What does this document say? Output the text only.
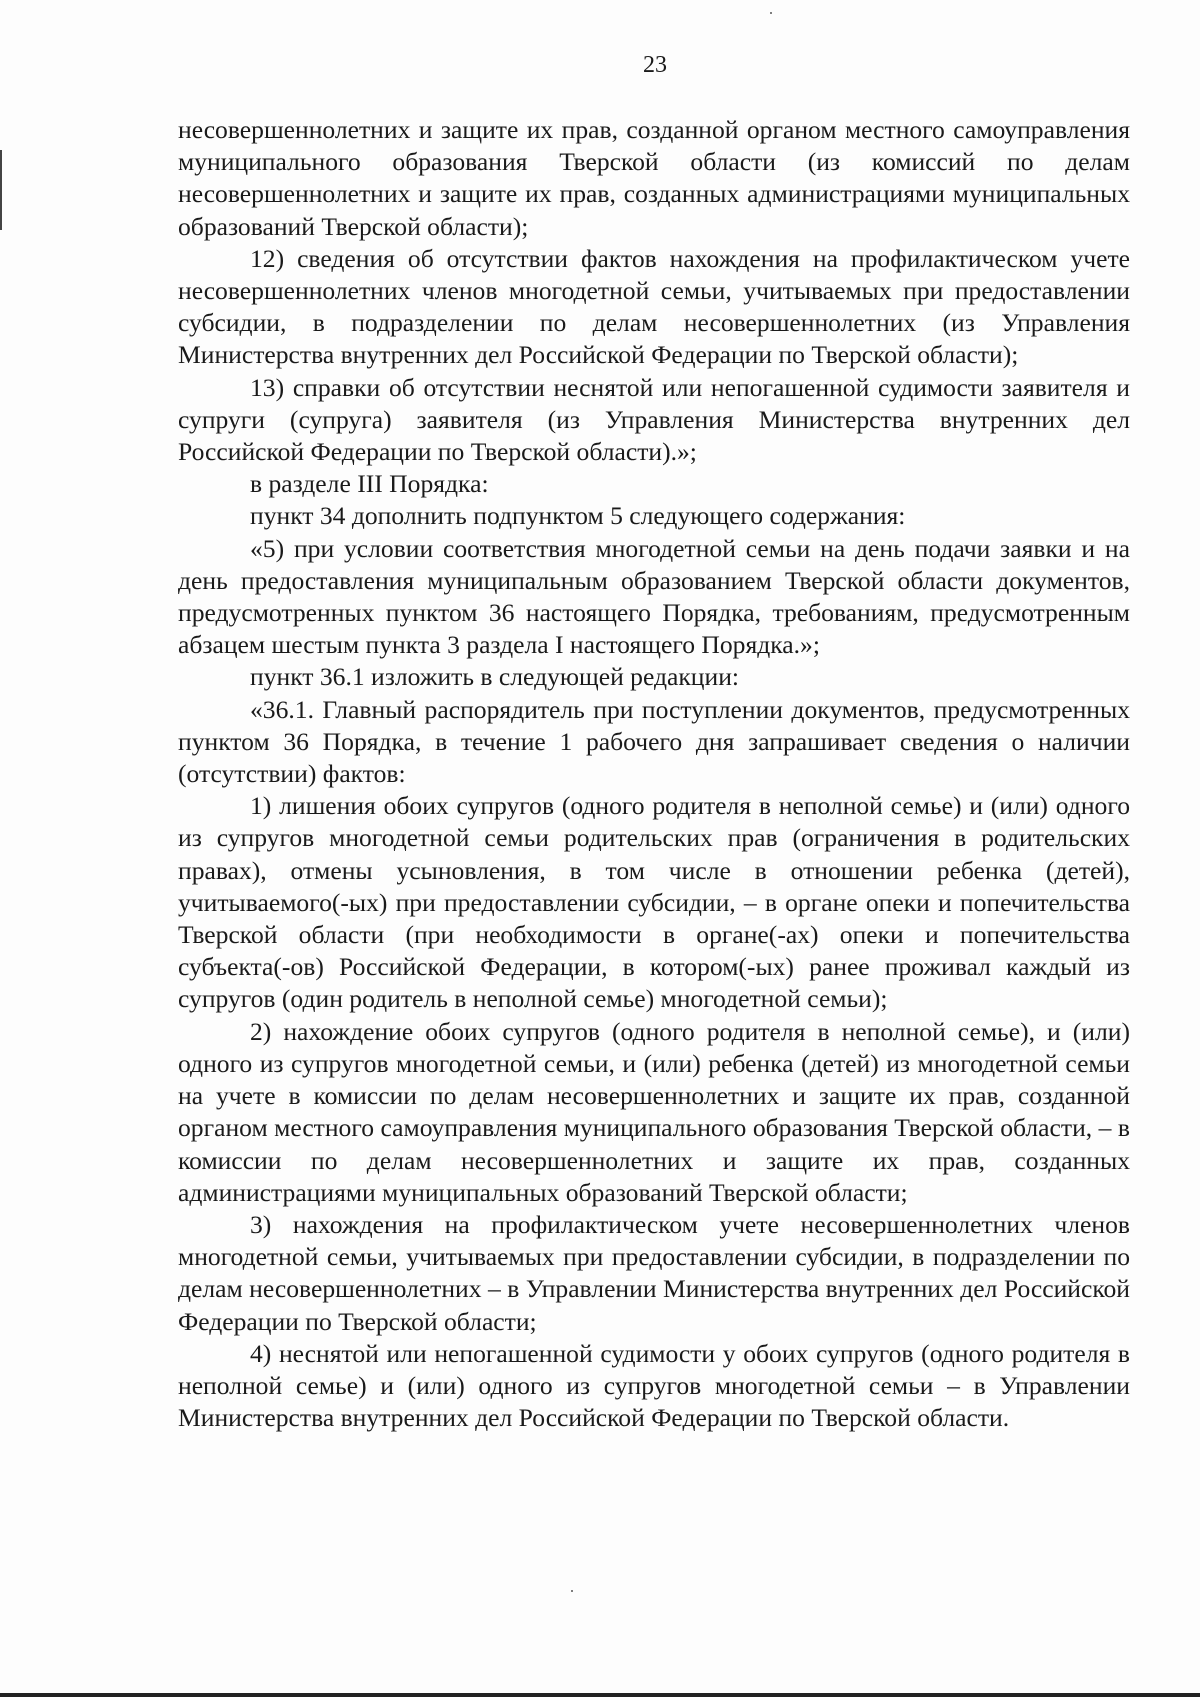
23

несовершеннолетних и защите их прав, созданной органом местного самоуправления муниципального образования Тверской области (из комиссий по делам несовершеннолетних и защите их прав, созданных администрациями муниципальных образований Тверской области);

12) сведения об отсутствии фактов нахождения на профилактическом учете несовершеннолетних членов многодетной семьи, учитываемых при предоставлении субсидии, в подразделении по делам несовершеннолетних (из Управления Министерства внутренних дел Российской Федерации по Тверской области);

13) справки об отсутствии неснятой или непогашенной судимости заявителя и супруги (супруга) заявителя (из Управления Министерства внутренних дел Российской Федерации по Тверской области).»;

в разделе III Порядка:

пункт 34 дополнить подпунктом 5 следующего содержания:

«5) при условии соответствия многодетной семьи на день подачи заявки и на день предоставления муниципальным образованием Тверской области документов, предусмотренных пунктом 36 настоящего Порядка, требованиям, предусмотренным абзацем шестым пункта 3 раздела I настоящего Порядка.»;

пункт 36.1 изложить в следующей редакции:

«36.1. Главный распорядитель при поступлении документов, предусмотренных пунктом 36 Порядка, в течение 1 рабочего дня запрашивает сведения о наличии (отсутствии) фактов:

1) лишения обоих супругов (одного родителя в неполной семье) и (или) одного из супругов многодетной семьи родительских прав (ограничения в родительских правах), отмены усыновления, в том числе в отношении ребенка (детей), учитываемого(-ых) при предоставлении субсидии, – в органе опеки и попечительства Тверской области (при необходимости в органе(-ах) опеки и попечительства субъекта(-ов) Российской Федерации, в котором(-ых) ранее проживал каждый из супругов (один родитель в неполной семье) многодетной семьи);

2) нахождение обоих супругов (одного родителя в неполной семье), и (или) одного из супругов многодетной семьи, и (или) ребенка (детей) из многодетной семьи на учете в комиссии по делам несовершеннолетних и защите их прав, созданной органом местного самоуправления муниципального образования Тверской области, – в комиссии по делам несовершеннолетних и защите их прав, созданных администрациями муниципальных образований Тверской области;

3) нахождения на профилактическом учете несовершеннолетних членов многодетной семьи, учитываемых при предоставлении субсидии, в подразделении по делам несовершеннолетних – в Управлении Министерства внутренних дел Российской Федерации по Тверской области;

4) неснятой или непогашенной судимости у обоих супругов (одного родителя в неполной семье) и (или) одного из супругов многодетной семьи – в Управлении Министерства внутренних дел Российской Федерации по Тверской области.
